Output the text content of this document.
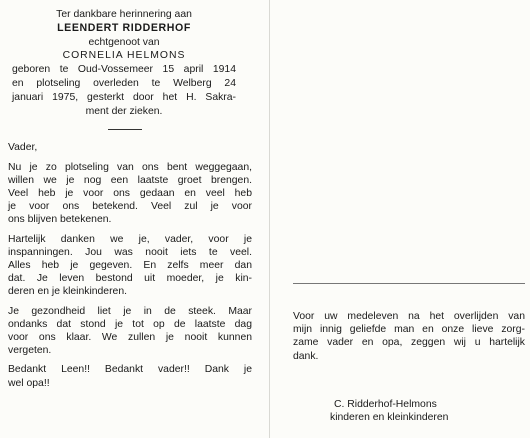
Ter dankbare herinnering aan
LEENDERT RIDDERHOF
echtgenoot van
CORNELIA HELMONS
geboren te Oud-Vossemeer 15 april 1914
en plotseling overleden te Welberg 24
januari 1975, gesterkt door het H. Sakra-
ment der zieken.
Vader,
Nu je zo plotseling van ons bent weggegaan,
willen we je nog een laatste groet brengen.
Veel heb je voor ons gedaan en veel heb
je voor ons betekend. Veel zul je voor
ons blijven betekenen.
Hartelijk danken we je, vader, voor je
inspanningen. Jou was nooit iets te veel.
Alles heb je gegeven. En zelfs meer dan
dat. Je leven bestond uit moeder, je kin-
deren en je kleinkinderen.
Je gezondheid liet je in de steek. Maar
ondanks dat stond je tot op de laatste dag
voor ons klaar. We zullen je nooit kunnen
vergeten.
Bedankt Leen!! Bedankt vader!! Dank je
wel opa!!
Voor uw medeleven na het overlijden van
mijn innig geliefde man en onze lieve zorg-
zame vader en opa, zeggen wij u hartelijk
dank.
C. Ridderhof-Helmons
kinderen en kleinkinderen
